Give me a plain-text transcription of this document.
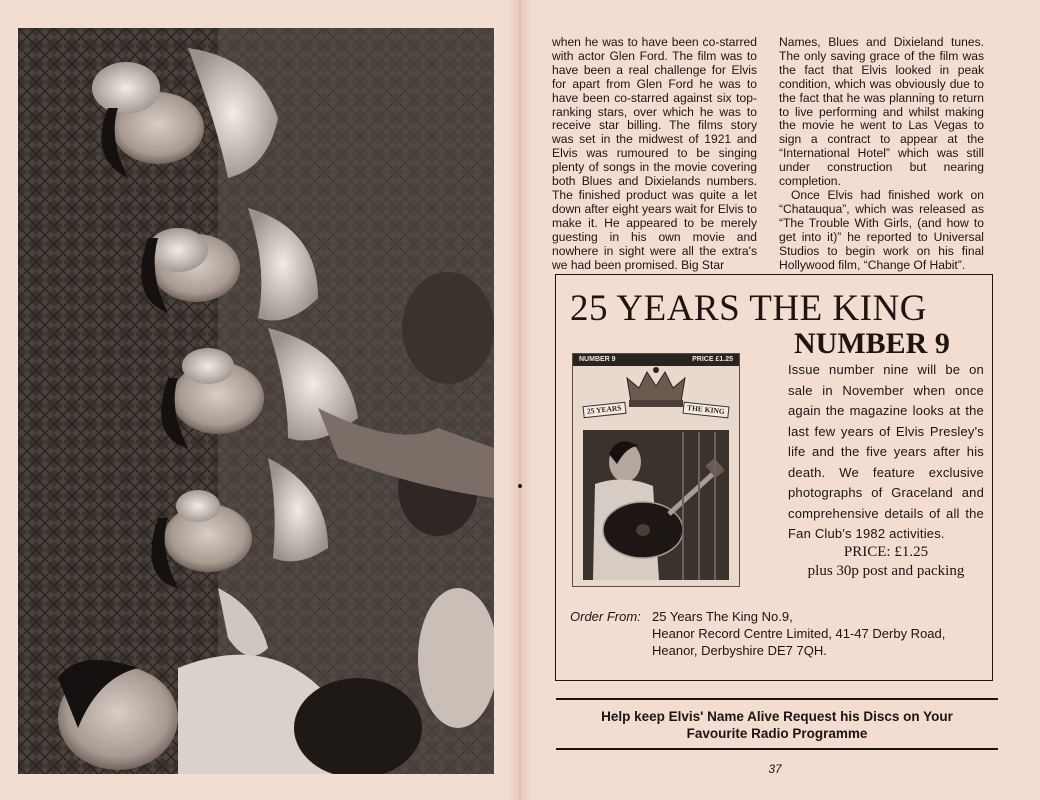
when he was to have been co-starred with actor Glen Ford. The film was to have been a real challenge for Elvis for apart from Glen Ford he was to have been co-starred against six top-ranking stars, over which he was to receive star billing. The films story was set in the midwest of 1921 and Elvis was rumoured to be singing plenty of songs in the movie covering both Blues and Dixielands numbers. The finished product was quite a let down after eight years wait for Elvis to make it. He appeared to be merely guesting in his own movie and nowhere in sight were all the extra's we had been promised. Big Star

Names, Blues and Dixieland tunes. The only saving grace of the film was the fact that Elvis looked in peak condition, which was obviously due to the fact that he was planning to return to live performing and whilst making the movie he went to Las Vegas to sign a contract to appear at the “International Hotel” which was still under construction but nearing completion.

Once Elvis had finished work on “Chatauqua”, which was released as “The Trouble With Girls, (and how to get into it)” he reported to Universal Studios to begin work on his final Hollywood film, “Change Of Habit”.

25 YEARS THE KING
NUMBER 9
NUMBER 9	PRICE £1.25
25 YEARS	THE KING
Issue number nine will be on sale in November when once again the magazine looks at the last few years of Elvis Presley's life and the five years after his death. We feature exclusive photographs of Graceland and comprehensive details of all the Fan Club's 1982 activities.
PRICE: £1.25
plus 30p post and packing
Order From: 25 Years The King No.9,
Heanor Record Centre Limited, 41-47 Derby Road,
Heanor, Derbyshire DE7 7QH.
Help keep Elvis' Name Alive Request his Discs on Your
Favourite Radio Programme
37
